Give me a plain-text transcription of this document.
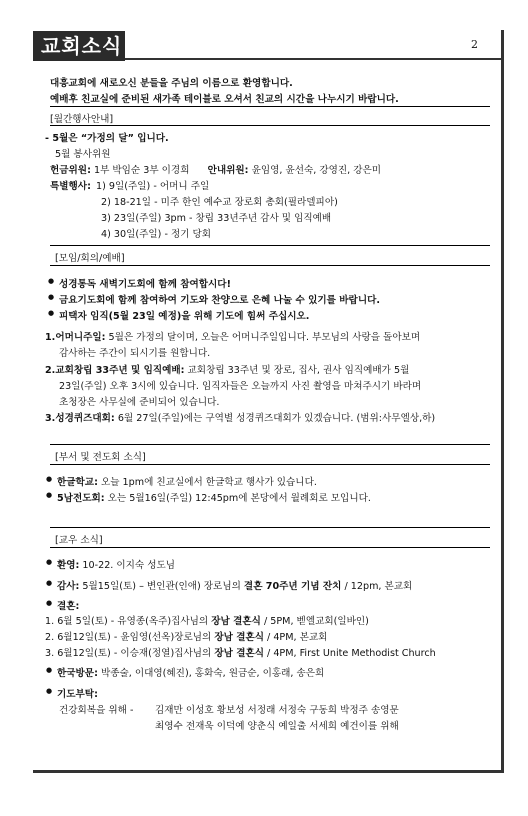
교회소식	2
대흥교회에 새로오신 분들을 주님의 이름으로 환영합니다.
예배후 친교실에 준비된 새가족 테이블로 오셔서 친교의 시간을 나누시기 바랍니다.
[월간행사안내]
- 5월은 “가정의 달” 입니다.
5월 봉사위원
헌금위원: 1부 박임순 3부 이경희 안내위원: 윤임영, 윤선숙, 강영진, 강은미
특별행사: 1) 9일(주일) - 어머니 주일
2) 18-21일 - 미주 한인 예수교 장로회 총회(필라델피아)
3) 23일(주일) 3pm - 창립 33년주년 감사 및 임직예배
4) 30일(주일) - 정기 당회
[모임/회의/예배]
● 성경통독 새벽기도회에 함께 참여합시다!
● 금요기도회에 함께 참여하여 기도와 찬양으로 은혜 나눌 수 있기를 바랍니다.
● 피택자 임직(5월 23일 예정)을 위해 기도에 힘써 주십시오.
1.어머니주일: 5월은 가정의 달이며, 오늘은 어머니주일입니다. 부모님의 사랑을 돌아보며
감사하는 주간이 되시기를 원합니다.
2.교회창립 33주년 및 임직예배: 교회창립 33주년 및 장로, 집사, 권사 임직예배가 5월
23일(주일) 오후 3시에 있습니다. 임직자들은 오늘까지 사진 촬영을 마쳐주시기 바라며
초청장은 사무실에 준비되어 있습니다.
3.성경퀴즈대회: 6월 27일(주일)에는 구역별 성경퀴즈대회가 있겠습니다. (범위:사무엘상,하)
[부서 및 전도회 소식]
● 한글학교: 오늘 1pm에 친교실에서 한글학교 행사가 있습니다.
● 5남전도회: 오는 5월16일(주일) 12:45pm에 본당에서 월례회로 모입니다.
[교우 소식]
● 환영: 10-22. 이지숙 성도님
● 감사: 5월15일(토) – 변인관(인애) 장로님의 결혼 70주년 기념 잔치 / 12pm, 본교회
● 결혼:
1. 6월 5일(토) - 유영종(옥주)집사님의 장남 결혼식 / 5PM, 벧엘교회(일바인)
2. 6월12일(토) - 윤임영(선옥)장로님의 장남 결혼식 / 4PM, 본교회
3. 6월12일(토) - 이승재(정열)집사님의 장남 결혼식 / 4PM, First Unite Methodist Church
● 한국방문: 박종술, 이대영(혜진), 홍화숙, 원금순, 이홍래, 송은희
● 기도부탁:
건강회복을 위해 - 김재만 이성호 황보성 서정래 서정숙 구동희 박정주 송영문
최영수 전재욱 이덕예 양춘식 예일출 서세희 예건이를 위해
